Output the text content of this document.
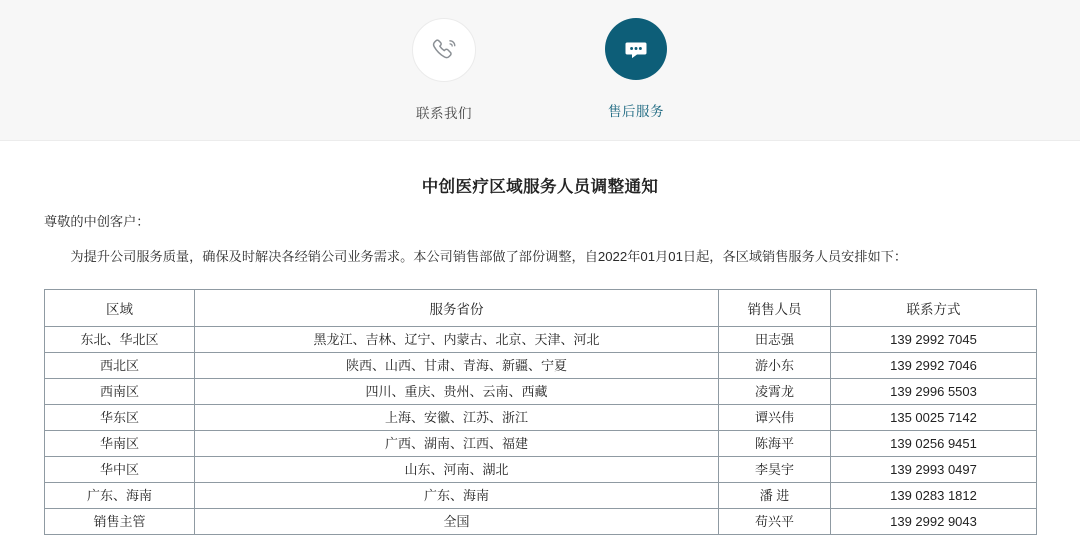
联系我们	售后服务
中创医疗区域服务人员调整通知
尊敬的中创客户：
为提升公司服务质量，确保及时解决各经销公司业务需求。本公司销售部做了部份调整，自2022年01月01日起，各区域销售服务人员安排如下：
区域	服务省份	销售人员	联系方式
东北、华北区	黑龙江、吉林、辽宁、内蒙古、北京、天津、河北	田志强	139 2992 7045
西北区	陕西、山西、甘肃、青海、新疆、宁夏	游小东	139 2992 7046
西南区	四川、重庆、贵州、云南、西藏	凌霄龙	139 2996 5503
华东区	上海、安徽、江苏、浙江	谭兴伟	135 0025 7142
华南区	广西、湖南、江西、福建	陈海平	139 0256 9451
华中区	山东、河南、湖北	李昊宇	139 2993 0497
广东、海南	广东、海南	潘 进	139 0283 1812
销售主管	全国	苟兴平	139 2992 9043
